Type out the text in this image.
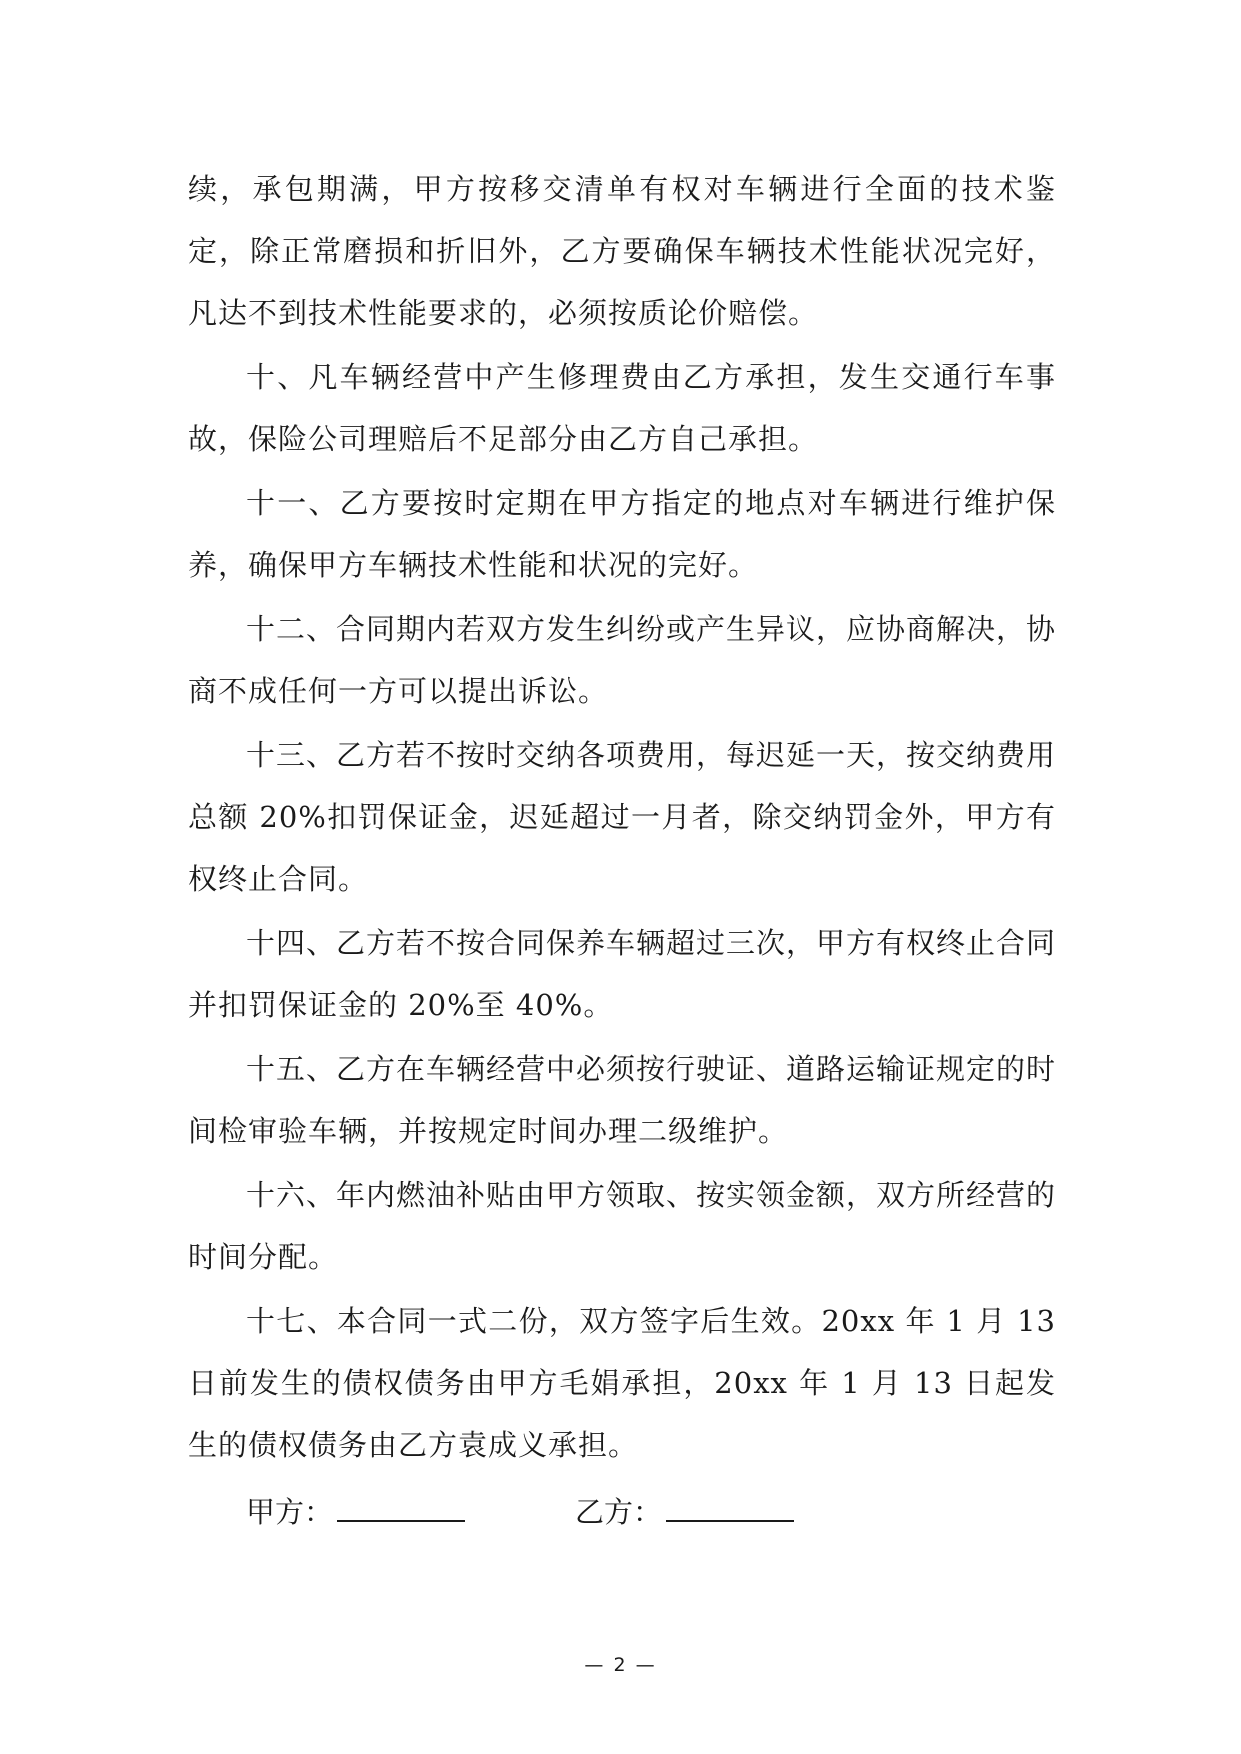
续，承包期满，甲方按移交清单有权对车辆进行全面的技术鉴定，除正常磨损和折旧外，乙方要确保车辆技术性能状况完好，凡达不到技术性能要求的，必须按质论价赔偿。

十、凡车辆经营中产生修理费由乙方承担，发生交通行车事故，保险公司理赔后不足部分由乙方自己承担。

十一、乙方要按时定期在甲方指定的地点对车辆进行维护保养，确保甲方车辆技术性能和状况的完好。

十二、合同期内若双方发生纠纷或产生异议，应协商解决，协商不成任何一方可以提出诉讼。

十三、乙方若不按时交纳各项费用，每迟延一天，按交纳费用总额 20%扣罚保证金，迟延超过一月者，除交纳罚金外，甲方有权终止合同。

十四、乙方若不按合同保养车辆超过三次，甲方有权终止合同并扣罚保证金的 20%至 40%。

十五、乙方在车辆经营中必须按行驶证、道路运输证规定的时间检审验车辆，并按规定时间办理二级维护。

十六、年内燃油补贴由甲方领取、按实领金额，双方所经营的时间分配。

十七、本合同一式二份，双方签字后生效。20xx 年 1 月 13 日前发生的债权债务由甲方毛娟承担，20xx 年 1 月 13 日起发生的债权债务由乙方袁成义承担。

甲方：	乙方：
— 2 —
